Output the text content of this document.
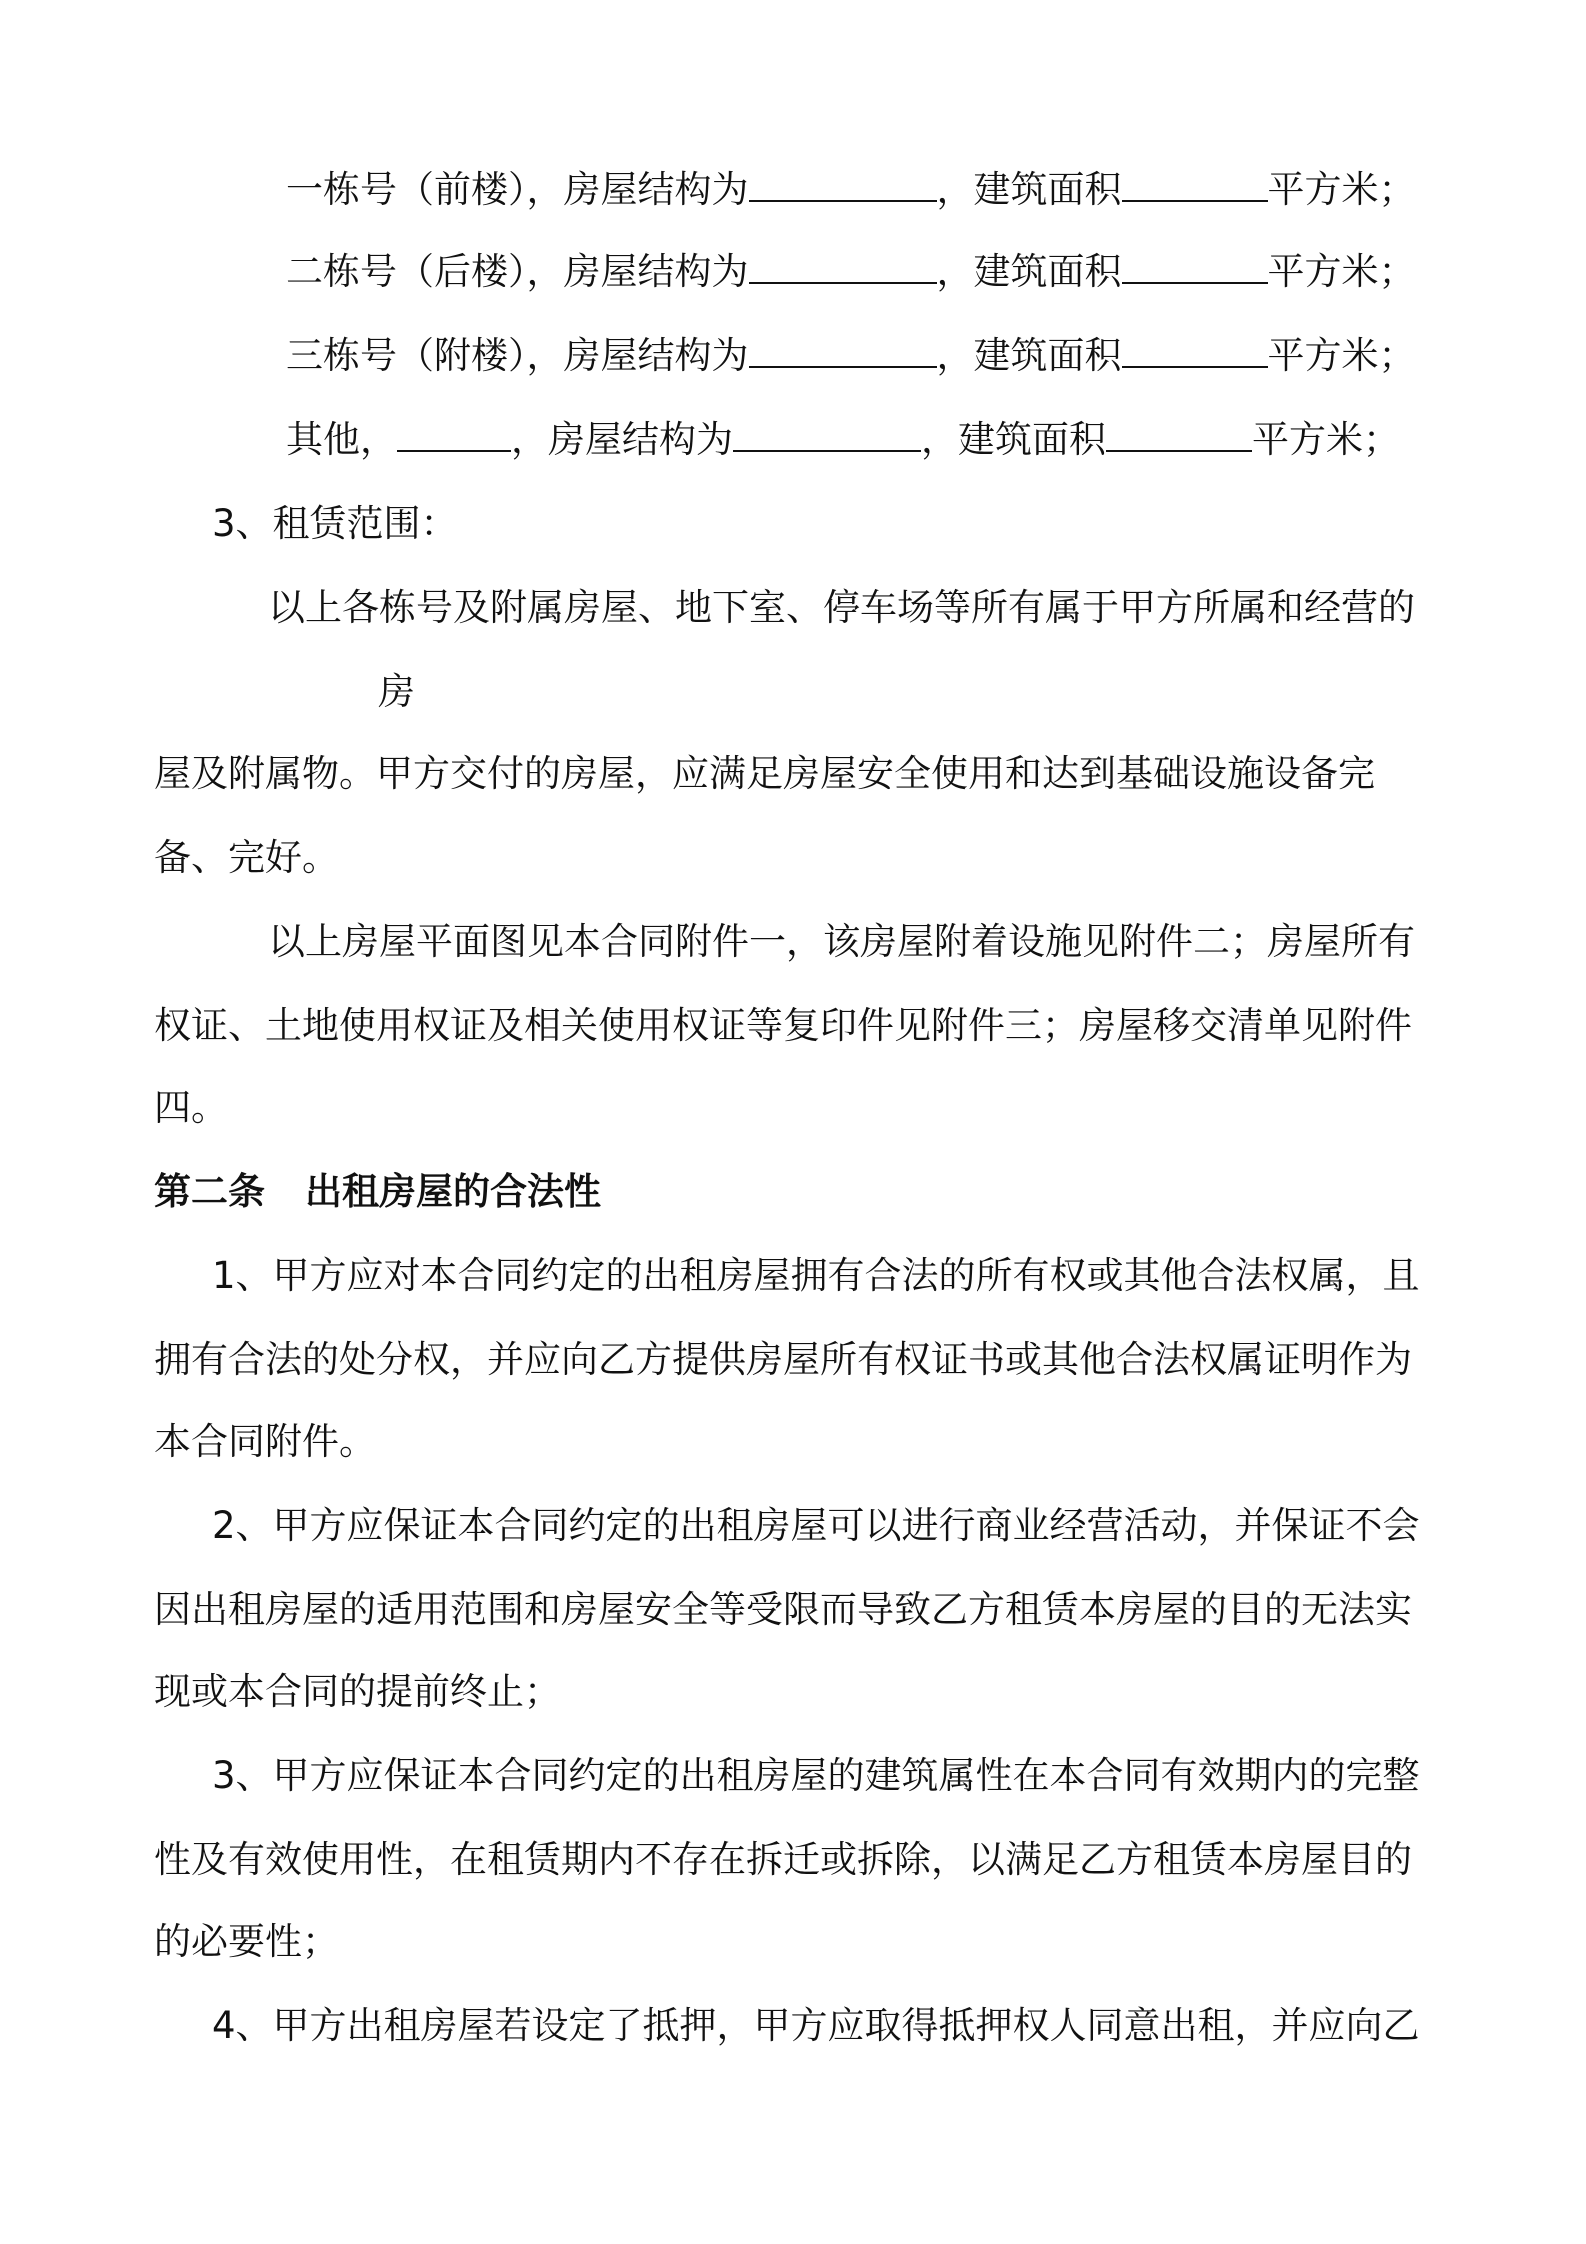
一栋号（前楼），房屋结构为	，建筑面积	平方米；
二栋号（后楼），房屋结构为	，建筑面积	平方米；
三栋号（附楼），房屋结构为	，建筑面积	平方米；
其他，	，房屋结构为	，建筑面积	平方米；
3、租赁范围：
以上各栋号及附属房屋、地下室、停车场等所有属于甲方所属和经营的
房
屋及附属物。甲方交付的房屋，应满足房屋安全使用和达到基础设施设备完
备、完好。
以上房屋平面图见本合同附件一，该房屋附着设施见附件二；房屋所有
权证、土地使用权证及相关使用权证等复印件见附件三；房屋移交清单见附件
四。
第二条 出租房屋的合法性
1、甲方应对本合同约定的出租房屋拥有合法的所有权或其他合法权属，且
拥有合法的处分权，并应向乙方提供房屋所有权证书或其他合法权属证明作为
本合同附件。
2、甲方应保证本合同约定的出租房屋可以进行商业经营活动，并保证不会
因出租房屋的适用范围和房屋安全等受限而导致乙方租赁本房屋的目的无法实
现或本合同的提前终止；
3、甲方应保证本合同约定的出租房屋的建筑属性在本合同有效期内的完整
性及有效使用性，在租赁期内不存在拆迁或拆除，以满足乙方租赁本房屋目的
的必要性；
4、甲方出租房屋若设定了抵押，甲方应取得抵押权人同意出租，并应向乙
